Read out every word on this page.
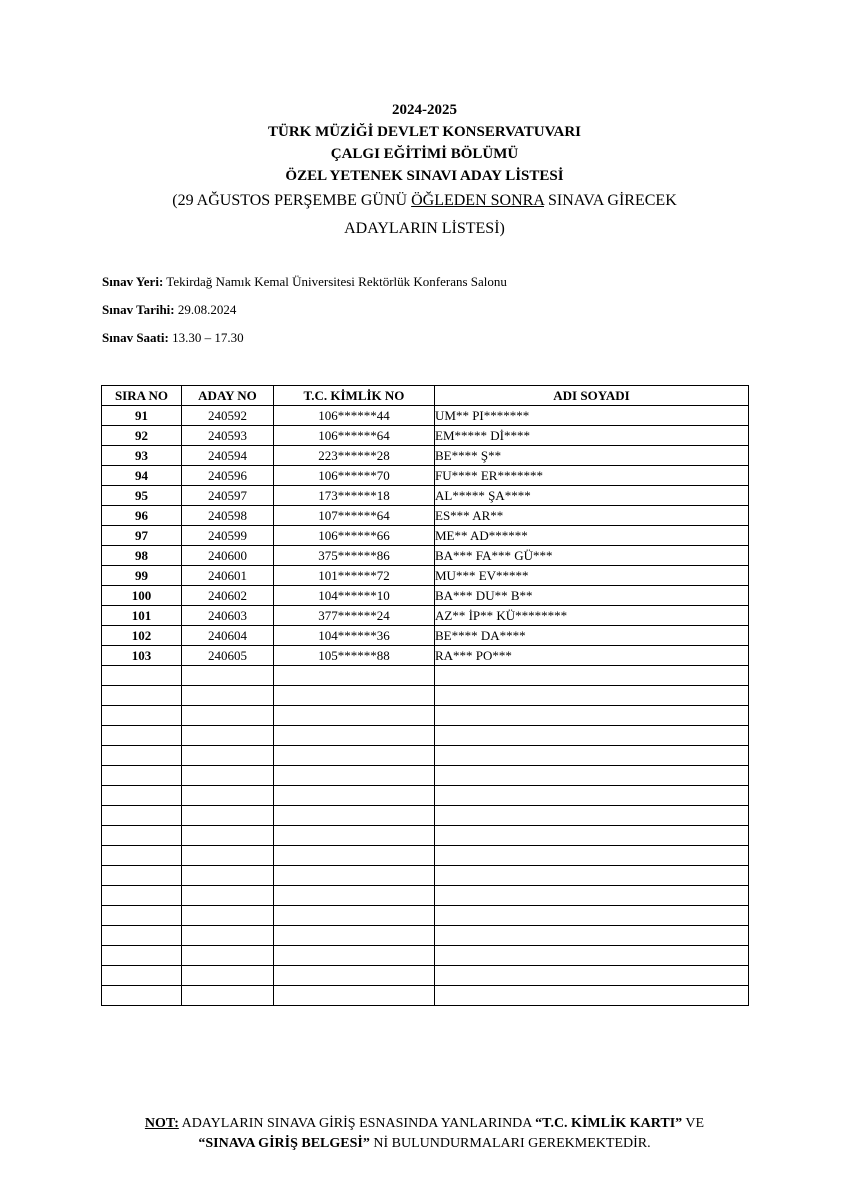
2024-2025
TÜRK MÜZİĞİ DEVLET KONSERVATUVARI
ÇALGI EĞİTİMİ BÖLÜMÜ
ÖZEL YETENEK SINAVI ADAY LİSTESİ
(29 AĞUSTOS PERŞEMBE GÜNÜ ÖĞLEDEN SONRA SINAVA GİRECEK
ADAYLARIN LİSTESİ)
Sınav Yeri: Tekirdağ Namık Kemal Üniversitesi Rektörlük Konferans Salonu
Sınav Tarihi: 29.08.2024
Sınav Saati: 13.30 – 17.30
SIRA NO	ADAY NO	T.C. KİMLİK NO	ADI SOYADI
91	240592	106******44	UM** PI*******
92	240593	106******64	EM***** Dİ****
93	240594	223******28	BE**** Ş**
94	240596	106******70	FU**** ER*******
95	240597	173******18	AL***** ŞA****
96	240598	107******64	ES*** AR**
97	240599	106******66	ME** AD******
98	240600	375******86	BA*** FA*** GÜ***
99	240601	101******72	MU*** EV*****
100	240602	104******10	BA*** DU** B**
101	240603	377******24	AZ** İP** KÜ********
102	240604	104******36	BE**** DA****
103	240605	105******88	RA*** PO***

NOT: ADAYLARIN SINAVA GİRİŞ ESNASINDA YANLARINDA “T.C. KİMLİK KARTI” VE
“SINAVA GİRİŞ BELGESİ” Nİ BULUNDURMALARI GEREKMEKTEDİR.
